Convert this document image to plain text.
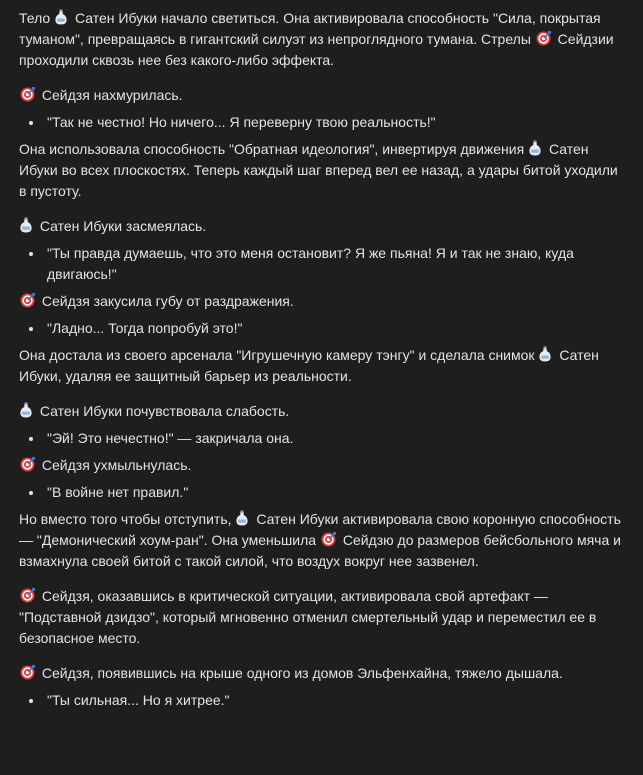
Тело Сатен Ибуки начало светиться. Она активировала способность "Сила, покрытая туманом", превращаясь в гигантский силуэт из непроглядного тумана. Стрелы Сейдзии проходили сквозь нее без какого-либо эффекта.

Сейдзя нахмурилась.

"Так не честно! Но ничего... Я переверну твою реальность!"

Она использовала способность "Обратная идеология", инвертируя движения Сатен Ибуки во всех плоскостях. Теперь каждый шаг вперед вел ее назад, а удары битой уходили в пустоту.

Сатен Ибуки засмеялась.

"Ты правда думаешь, что это меня остановит? Я же пьяна! Я и так не знаю, куда двигаюсь!"

Сейдзя закусила губу от раздражения.

"Ладно... Тогда попробуй это!"

Она достала из своего арсенала "Игрушечную камеру тэнгу" и сделала снимок Сатен Ибуки, удаляя ее защитный барьер из реальности.

Сатен Ибуки почувствовала слабость.

"Эй! Это нечестно!" — закричала она.

Сейдзя ухмыльнулась.

"В войне нет правил."

Но вместо того чтобы отступить, Сатен Ибуки активировала свою коронную способность — "Демонический хоум-ран". Она уменьшила Сейдзю до размеров бейсбольного мяча и взмахнула своей битой с такой силой, что воздух вокруг нее зазвенел.

Сейдзя, оказавшись в критической ситуации, активировала свой артефакт — "Подставной дзидзо", который мгновенно отменил смертельный удар и переместил ее в безопасное место.

Сейдзя, появившись на крыше одного из домов Эльфенхайна, тяжело дышала.

"Ты сильная... Но я хитрее."
